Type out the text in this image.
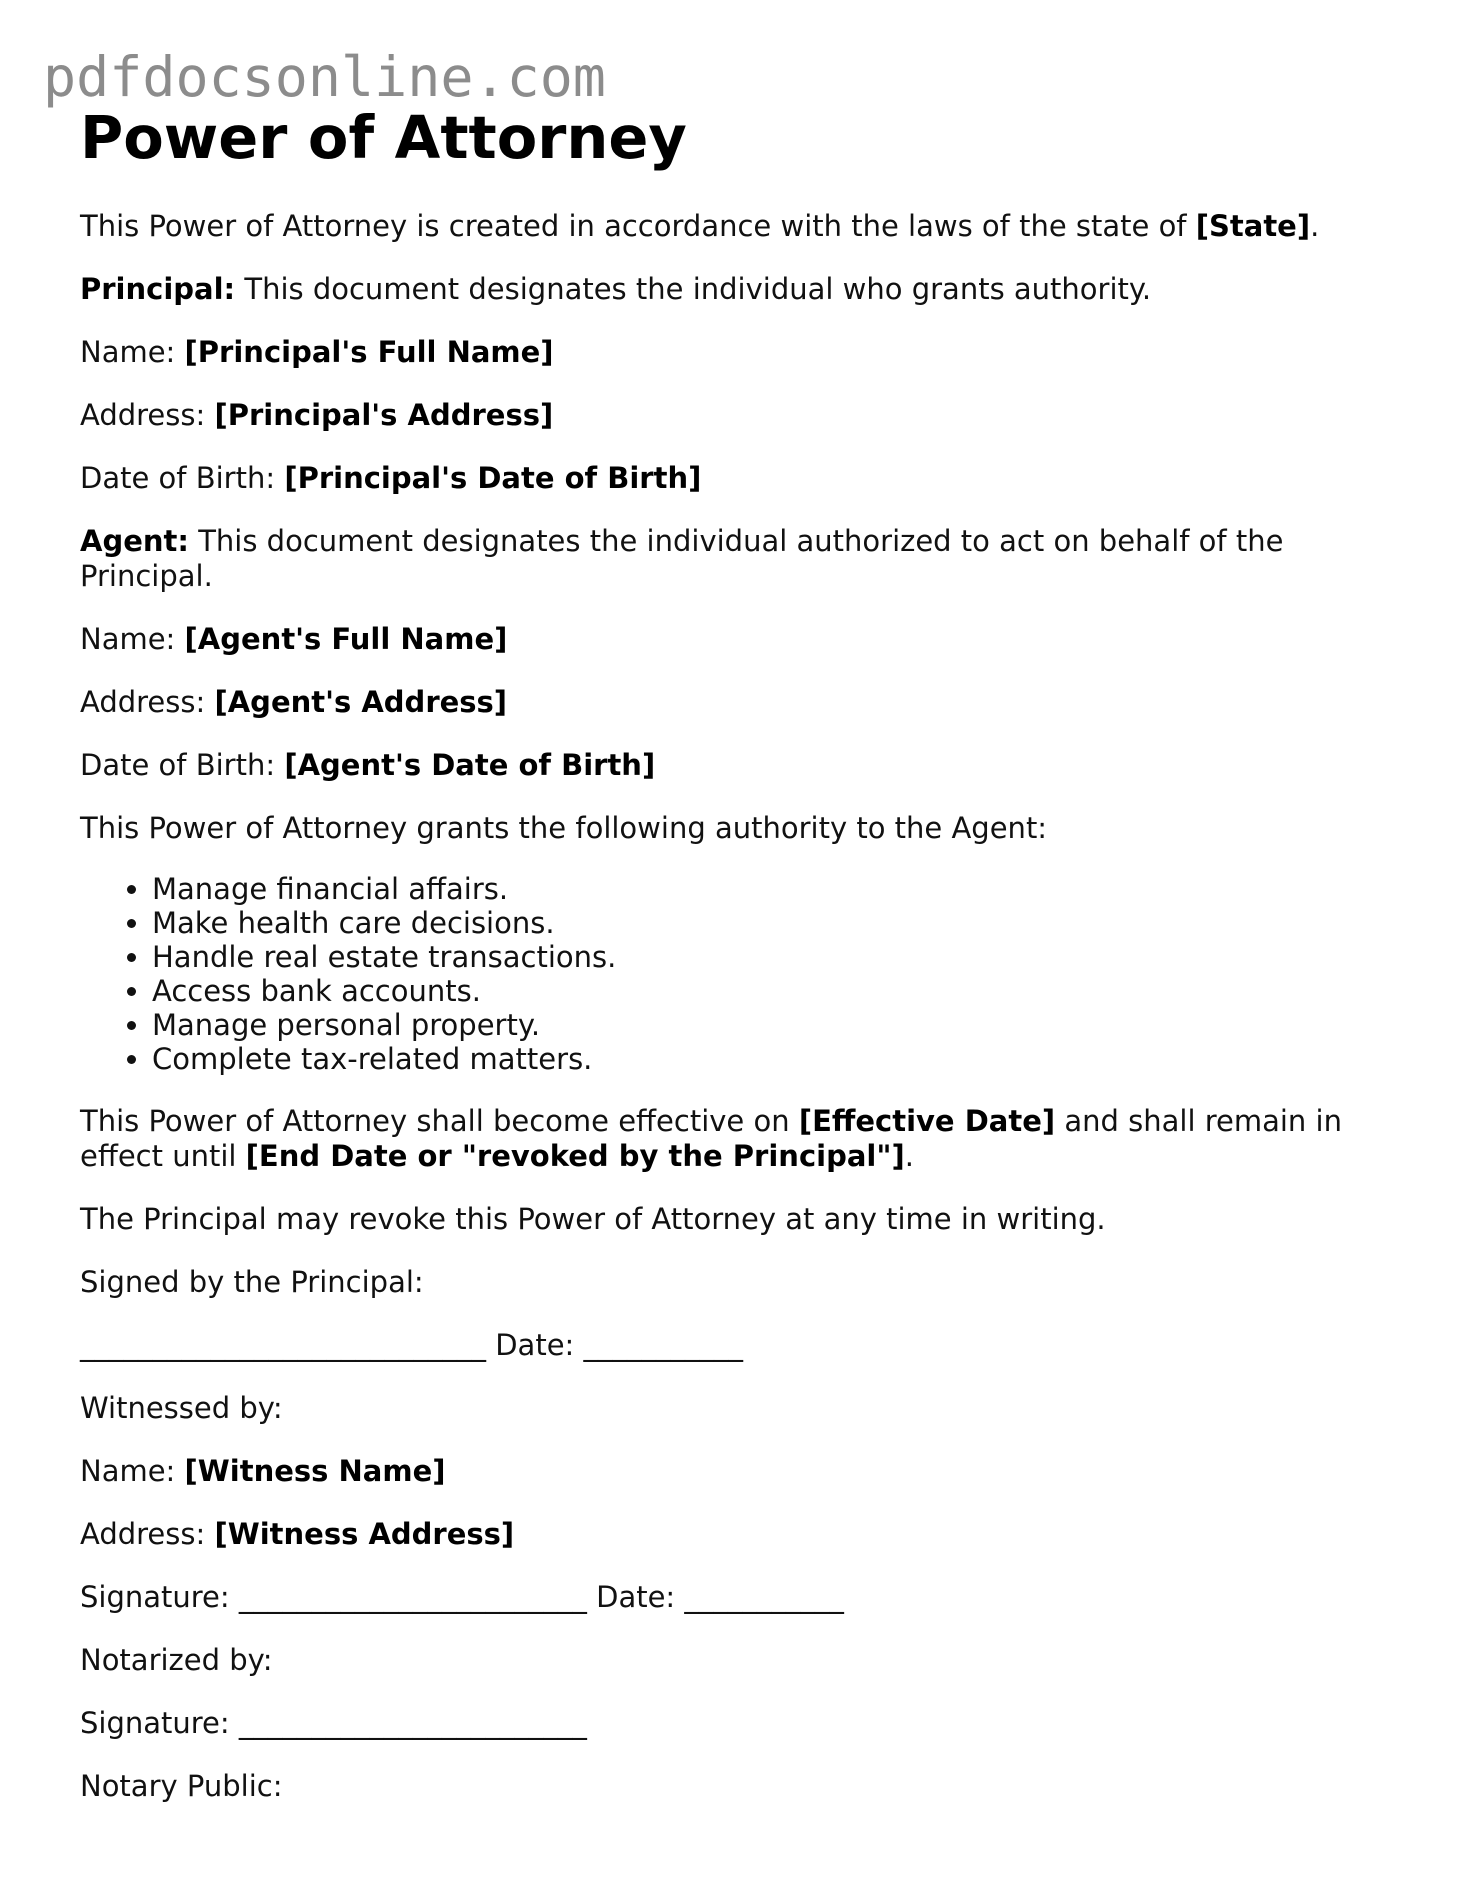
pdfdocsonline.com
Power of Attorney

This Power of Attorney is created in accordance with the laws of the state of [State].

Principal: This document designates the individual who grants authority.

Name: [Principal's Full Name]

Address: [Principal's Address]

Date of Birth: [Principal's Date of Birth]

Agent: This document designates the individual authorized to act on behalf of the Principal.

Name: [Agent's Full Name]

Address: [Agent's Address]

Date of Birth: [Agent's Date of Birth]

This Power of Attorney grants the following authority to the Agent:

• Manage financial affairs.
• Make health care decisions.
• Handle real estate transactions.
• Access bank accounts.
• Manage personal property.
• Complete tax-related matters.

This Power of Attorney shall become effective on [Effective Date] and shall remain in effect until [End Date or "revoked by the Principal"].

The Principal may revoke this Power of Attorney at any time in writing.

Signed by the Principal:

____________________________ Date: ___________

Witnessed by:

Name: [Witness Name]

Address: [Witness Address]

Signature: ________________________ Date: ___________

Notarized by:

Signature: ________________________

Notary Public:
